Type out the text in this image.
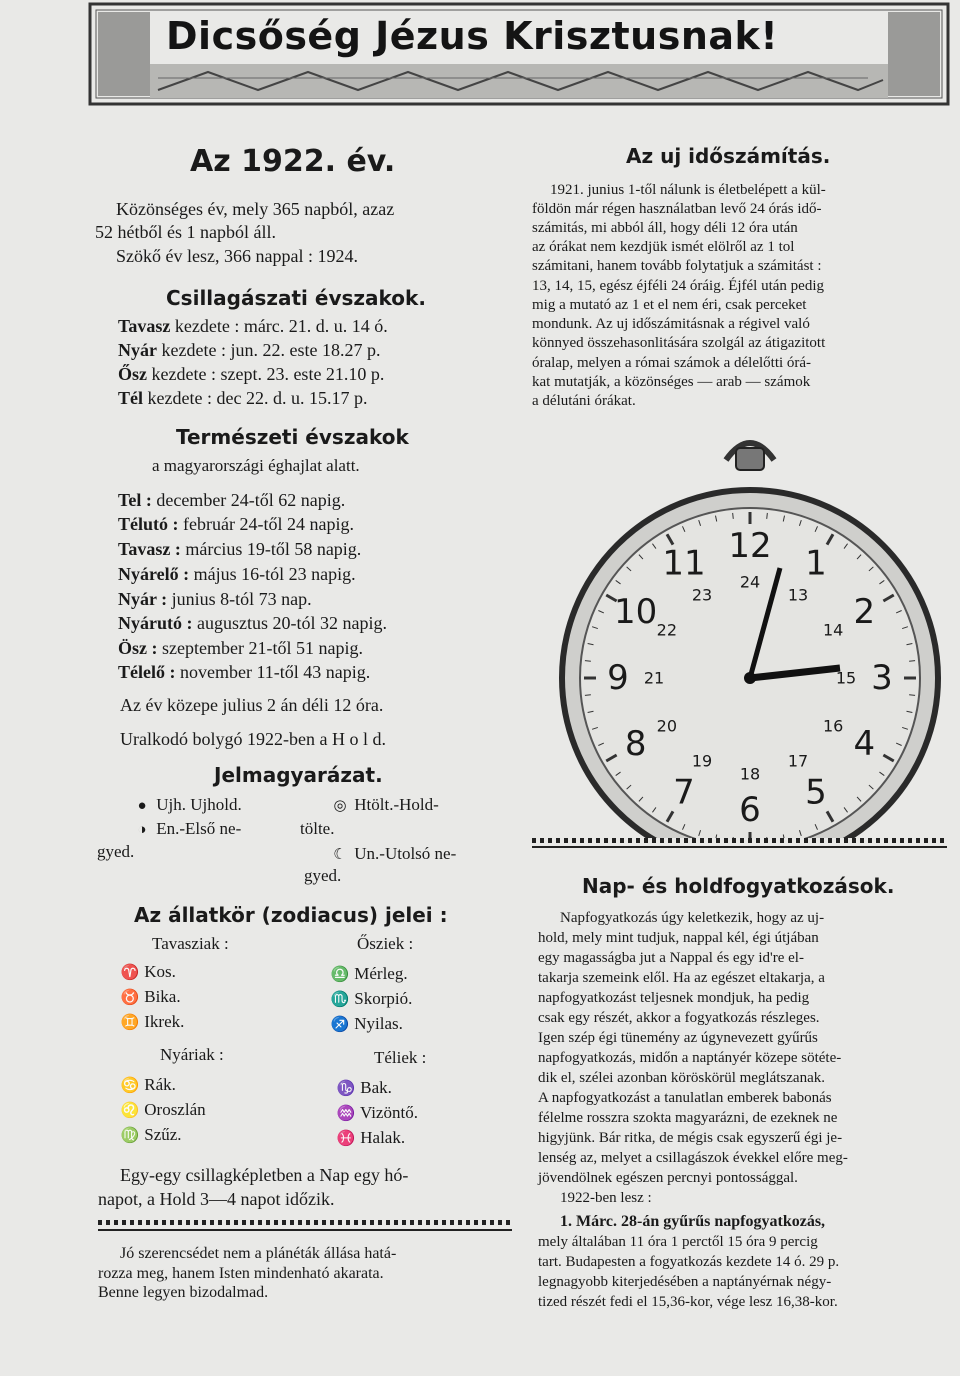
Dicsőség Jézus Krisztusnak!
Az 1922. év.
Közönséges év, mely 365 napból, azaz
52 hétből és 1 napból áll.
Szökő év lesz, 366 nappal : 1924.
Csillagászati évszakok.
Tavasz kezdete : márc. 21. d. u. 14 ó.
Nyár kezdete : jun. 22. este 18.27 p.
Ősz kezdete : szept. 23. este 21.10 p.
Tél kezdete : dec 22. d. u. 15.17 p.
Természeti évszakok
a magyarországi éghajlat alatt.
Tel : december 24-től 62 napig.
Télutó : február 24-től 24 napig.
Tavasz : március 19-től 58 napig.
Nyárelő : május 16-tól 23 napig.
Nyár : junius 8-tól 73 nap.
Nyárutó : augusztus 20-tól 32 napig.
Ösz : szeptember 21-től 51 napig.
Télelő : november 11-től 43 napig.
Az év közepe julius 2 án déli 12 óra.
Uralkodó bolygó 1922-ben a H o l d.
Jelmagyarázat.
● Ujh. Ujhold.
◑ En.-Első ne-
gyed.
◎ Htölt.-Hold-
tölte.
☾ Un.-Utolsó ne-
gyed.
Az állatkör (zodiacus) jelei :
Tavasziak :
♈ Kos.
♉ Bika.
♊ Ikrek.
Ősziek :
♎ Mérleg.
♏ Skorpió.
♐ Nyilas.
Nyáriak :
♋ Rák.
♌ Oroszlán
♍ Szűz.
Téliek :
♑ Bak.
♒ Vizöntő.
♓ Halak.
Egy-egy csillagképletben a Nap egy hó-
napot, a Hold 3—4 napot időzik.
Jó szerencsédet nem a plánéták állása hatá-
rozza meg, hanem Isten mindenható akarata.
Benne legyen bizodalmad.
Az uj időszámítás.
1921. junius 1-től nálunk is életbelépett a kül-
földön már régen használatban levő 24 órás idő-
számitás, mi abból áll, hogy déli 12 óra után
az órákat nem kezdjük ismét elölről az 1 tol
számitani, hanem tovább folytatjuk a számitást :
13, 14, 15, egész éjféli 24 óráig. Éjfél után pedig
mig a mutató az 1 et el nem éri, csak perceket
mondunk. Az uj időszámitásnak a régivel való
könnyed összehasonlitására szolgál az átigazitott
óralap, melyen a római számok a délelőtti órá-
kat mutatják, a közönséges — arab — számok
a délutáni órákat.
12 1
2
3
4
5
6
7
8
9
10
11 24
13
14
15
16
17
18
19
20
21
22
23
Nap- és holdfogyatkozások.
Napfogyatkozás úgy keletkezik, hogy az uj-
hold, mely mint tudjuk, nappal kél, égi útjában
egy magasságba jut a Nappal és egy id're el-
takarja szemeink elől. Ha az egészet eltakarja, a
napfogyatkozást teljesnek mondjuk, ha pedig
csak egy részét, akkor a fogyatkozás részleges.
Igen szép égi tünemény az úgynevezett gyűrűs
napfogyatkozás, midőn a naptányér közepe sötéte-
dik el, szélei azonban köröskörül meglátszanak.
A napfogyatkozást a tanulatlan emberek babonás
félelme rosszra szokta magyarázni, de ezeknek ne
higyjünk. Bár ritka, de mégis csak egyszerű égi je-
lenség az, melyet a csillagászok évekkel előre meg-
jövendölnek egészen percnyi pontossággal.
1922-ben lesz :
1. Márc. 28-án gyűrűs napfogyatkozás,
mely általában 11 óra 1 perctől 15 óra 9 percig
tart. Budapesten a fogyatkozás kezdete 14 ó. 29 p.
legnagyobb kiterjedésében a naptányérnak négy-
tized részét fedi el 15,36-kor, vége lesz 16,38-kor.
